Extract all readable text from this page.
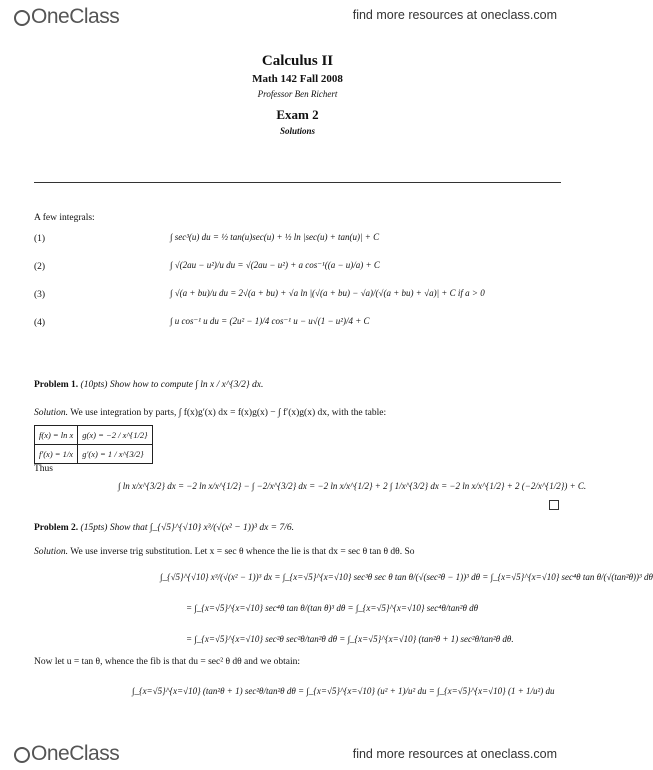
OneClass	find more resources at oneclass.com
Calculus II
Math 142 Fall 2008
Professor Ben Richert
Exam 2
Solutions
A few integrals:
(1)	∫ sec³(u) du = ½ tan(u)sec(u) + ½ ln |sec(u) + tan(u)| + C
(2)	∫ √(2au − u²)/u du = √(2au − u²) + a cos⁻¹((a − u)/a) + C
(3)	∫ √(a + bu)/u du = 2√(a + bu) + √a ln |(√(a + bu) − √a)/(√(a + bu) + √a)| + C if a > 0
(4)	∫ u cos⁻¹ u du = (2u² − 1)/4 cos⁻¹ u − u√(1 − u²)/4 + C
Problem 1. (10pts) Show how to compute ∫ ln x / x^{3/2} dx.
Solution. We use integration by parts, ∫ f(x)g′(x) dx = f(x)g(x) − ∫ f′(x)g(x) dx, with the table:
f(x) = ln x	g(x) = −2 / x^{1/2}
f′(x) = 1/x	g′(x) = 1 / x^{3/2}
Thus
∫ ln x/x^{3/2} dx = −2 ln x/x^{1/2} − ∫ −2/x^{3/2} dx = −2 ln x/x^{1/2} + 2 ∫ 1/x^{3/2} dx = −2 ln x/x^{1/2} + 2 (−2/x^{1/2}) + C.
Problem 2. (15pts) Show that ∫_{√5}^{√10} x³/(√(x² − 1))³ dx = 7/6.
Solution. We use inverse trig substitution. Let x = sec θ whence the lie is that dx = sec θ tan θ dθ. So
∫_{√5}^{√10} x³/(√(x² − 1))³ dx = ∫_{x=√5}^{x=√10} sec³θ sec θ tan θ/(√(sec²θ − 1))³ dθ = ∫_{x=√5}^{x=√10} sec⁴θ tan θ/(√(tan²θ))³ dθ
= ∫_{x=√5}^{x=√10} sec⁴θ tan θ/(tan θ)³ dθ = ∫_{x=√5}^{x=√10} sec⁴θ/tan²θ dθ
= ∫_{x=√5}^{x=√10} sec²θ sec²θ/tan²θ dθ = ∫_{x=√5}^{x=√10} (tan²θ + 1) sec²θ/tan²θ dθ.
Now let u = tan θ, whence the fib is that du = sec² θ dθ and we obtain:
∫_{x=√5}^{x=√10} (tan²θ + 1) sec²θ/tan²θ dθ = ∫_{x=√5}^{x=√10} (u² + 1)/u² du = ∫_{x=√5}^{x=√10} (1 + 1/u²) du
OneClass	find more resources at oneclass.com
